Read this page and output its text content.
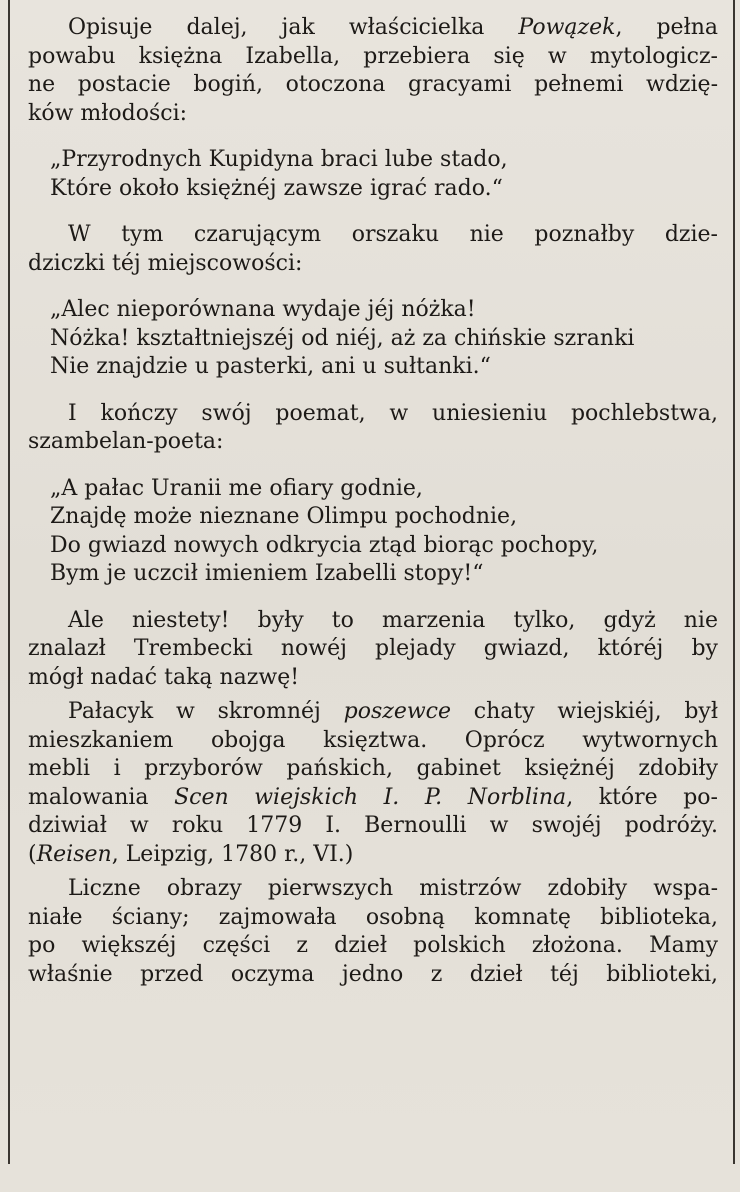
Opisuje dalej, jak właścicielka Powązek, pełna
powabu księżna Izabella, przebiera się w mytologicz-
ne postacie bogiń, otoczona gracyami pełnemi wdzię-
ków młodości:
„Przyrodnych Kupidyna braci lube stado,
Które około księżnéj zawsze igrać rado.“
W tym czarującym orszaku nie poznałby dzie-
dziczki téj miejscowości:
„Alec nieporównana wydaje jéj nóżka!
Nóżka! kształtniejszéj od niéj, aż za chińskie szranki
Nie znajdzie u pasterki, ani u sułtanki.“
I kończy swój poemat, w uniesieniu pochlebstwa,
szambelan-poeta:
„A pałac Uranii me ofiary godnie,
Znajdę może nieznane Olimpu pochodnie,
Do gwiazd nowych odkrycia ztąd biorąc pochopy,
Bym je uczcił imieniem Izabelli stopy!“
Ale niestety! były to marzenia tylko, gdyż nie
znalazł Trembecki nowéj plejady gwiazd, któréj by
mógł nadać taką nazwę!
Pałacyk w skromnéj poszewce chaty wiejskiéj, był
mieszkaniem obojga księztwa. Oprócz wytwornych
mebli i przyborów pańskich, gabinet księżnéj zdobiły
malowania Scen wiejskich I. P. Norblina, które po-
dziwiał w roku 1779 I. Bernoulli w swojéj podróży.
(Reisen, Leipzig, 1780 r., VI.)
Liczne obrazy pierwszych mistrzów zdobiły wspa-
niałe ściany; zajmowała osobną komnatę biblioteka,
po większéj części z dzieł polskich złożona. Mamy
właśnie przed oczyma jedno z dzieł téj biblioteki,
